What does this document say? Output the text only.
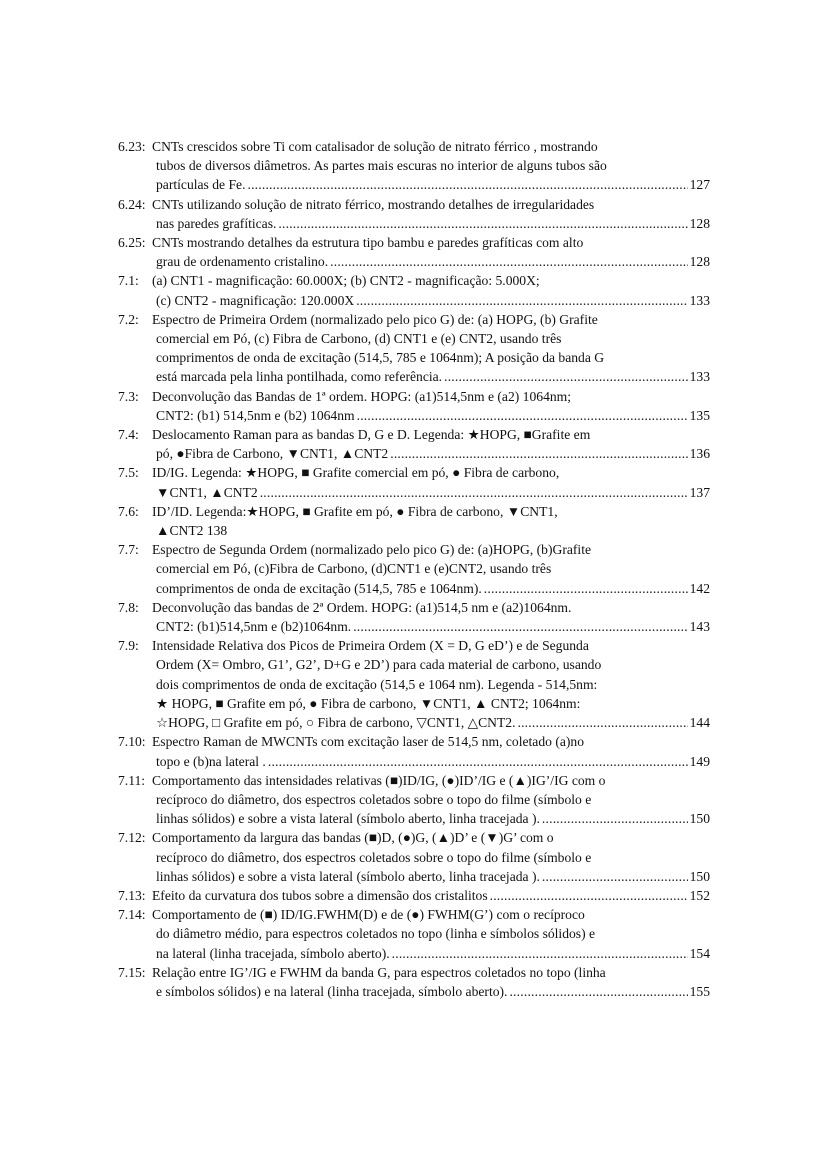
6.23: CNTs crescidos sobre Ti com catalisador de solução de nitrato férrico , mostrando
tubos de diversos diâmetros. As partes mais escuras no interior de alguns tubos são
partículas de Fe. .....	127
6.24: CNTs utilizando solução de nitrato férrico, mostrando detalhes de irregularidades
nas paredes grafíticas. .....	128
6.25: CNTs mostrando detalhes da estrutura tipo bambu e paredes grafíticas com alto
grau de ordenamento cristalino. .....	128
7.1: (a) CNT1 - magnificação: 60.000X; (b) CNT2 - magnificação: 5.000X;
(c) CNT2 - magnificação: 120.000X .....	133
7.2: Espectro de Primeira Ordem (normalizado pelo pico G) de: (a) HOPG, (b) Grafite
comercial em Pó, (c) Fibra de Carbono, (d) CNT1 e (e) CNT2, usando três
comprimentos de onda de excitação (514,5, 785 e 1064nm); A posição da banda G
está marcada pela linha pontilhada, como referência. .....	133
7.3: Deconvolução das Bandas de 1ª ordem. HOPG: (a1)514,5nm e (a2) 1064nm;
CNT2: (b1) 514,5nm e (b2) 1064nm .....	135
7.4: Deslocamento Raman para as bandas D, G e D. Legenda: ★HOPG, ■Grafite em
pó, ●Fibra de Carbono, ▼CNT1, ▲CNT2 .....	136
7.5: ID/IG. Legenda: ★HOPG, ■ Grafite comercial em pó, ● Fibra de carbono,
▼CNT1, ▲CNT2 .....	137
7.6: ID’/ID. Legenda:★HOPG, ■ Grafite em pó, ● Fibra de carbono, ▼CNT1,
▲CNT2 138
7.7: Espectro de Segunda Ordem (normalizado pelo pico G) de: (a)HOPG, (b)Grafite
comercial em Pó, (c)Fibra de Carbono, (d)CNT1 e (e)CNT2, usando três
comprimentos de onda de excitação (514,5, 785 e 1064nm). .....	142
7.8: Deconvolução das bandas de 2ª Ordem. HOPG: (a1)514,5 nm e (a2)1064nm.
CNT2: (b1)514,5nm e (b2)1064nm. .....	143
7.9: Intensidade Relativa dos Picos de Primeira Ordem (X = D, G eD’) e de Segunda
Ordem (X= Ombro, G1’, G2’, D+G e 2D’) para cada material de carbono, usando
dois comprimentos de onda de excitação (514,5 e 1064 nm). Legenda - 514,5nm:
★ HOPG, ■ Grafite em pó, ● Fibra de carbono, ▼CNT1, ▲ CNT2; 1064nm:
☆HOPG, □ Grafite em pó, ○ Fibra de carbono, ▽CNT1, △CNT2. .....	144
7.10: Espectro Raman de MWCNTs com excitação laser de 514,5 nm, coletado (a)no
topo e (b)na lateral . .....	149
7.11: Comportamento das intensidades relativas (■)ID/IG, (●)ID’/IG e (▲)IG’/IG com o
recíproco do diâmetro, dos espectros coletados sobre o topo do filme (símbolo e
linhas sólidos) e sobre a vista lateral (símbolo aberto, linha tracejada ). .....	150
7.12: Comportamento da largura das bandas (■)D, (●)G, (▲)D’ e (▼)G’ com o
recíproco do diâmetro, dos espectros coletados sobre o topo do filme (símbolo e
linhas sólidos) e sobre a vista lateral (símbolo aberto, linha tracejada ). .....	150
7.13: Efeito da curvatura dos tubos sobre a dimensão dos cristalitos .....	152
7.14: Comportamento de (■) ID/IG.FWHM(D) e de (●) FWHM(G’) com o recíproco
do diâmetro médio, para espectros coletados no topo (linha e símbolos sólidos) e
na lateral (linha tracejada, símbolo aberto). .....	154
7.15: Relação entre IG’/IG e FWHM da banda G, para espectros coletados no topo (linha
e símbolos sólidos) e na lateral (linha tracejada, símbolo aberto). .....	155
